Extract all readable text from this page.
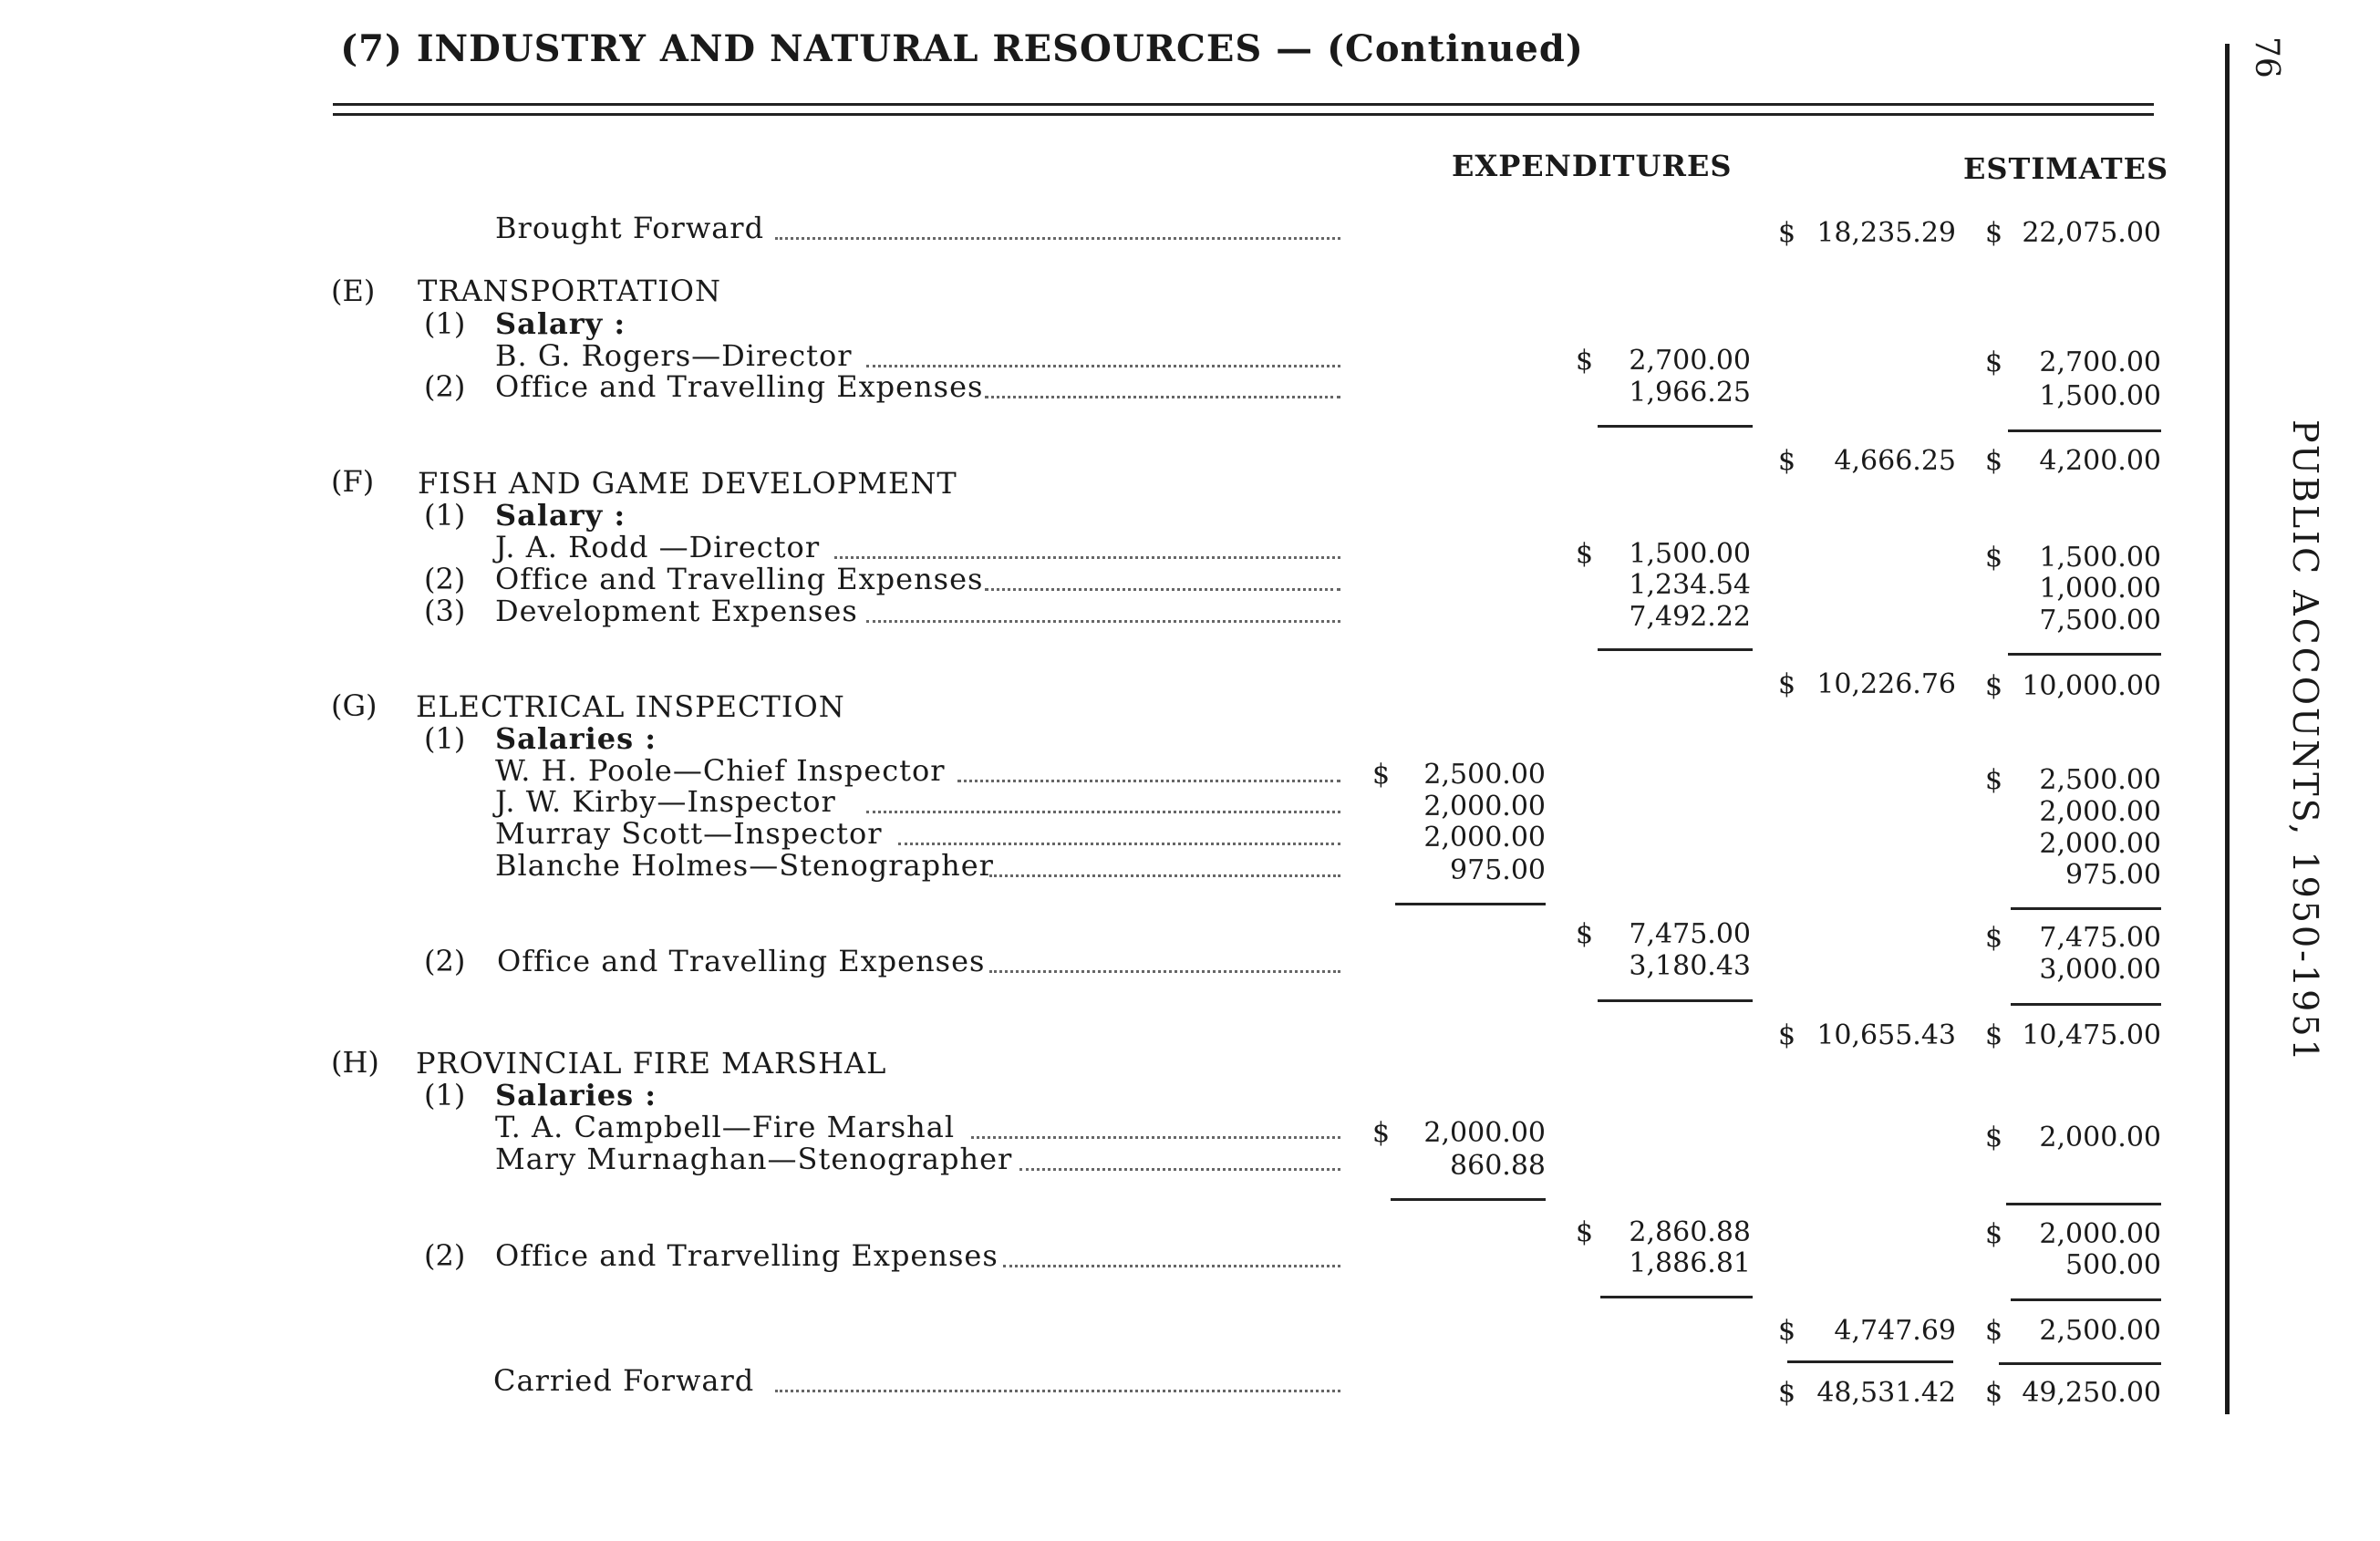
(7) INDUSTRY AND NATURAL RESOURCES — (Continued)
EXPENDITURES	ESTIMATES
76
PUBLIC ACCOUNTS, 1950-1951
Brought Forward	$ 18,235.29 $ 22,075.00
(E) TRANSPORTATION
(1) Salary :
B. G. Rogers—Director	$	2,700.00	$	2,700.00
(2) Office and Travelling Expenses	1,966.25	1,500.00
$	4,666.25 $	4,200.00
(F) FISH AND GAME DEVELOPMENT
(1) Salary :
J. A. Rodd —Director	$	1,500.00	$	1,500.00
(2) Office and Travelling Expenses	1,234.54	1,000.00
(3) Development Expenses	7,492.22	7,500.00
$ 10,226.76 $ 10,000.00
(G) ELECTRICAL INSPECTION
(1) Salaries :
W. H. Poole—Chief Inspector	$	2,500.00	$	2,500.00
J. W. Kirby—Inspector	2,000.00	2,000.00
Murray Scott—Inspector	2,000.00	2,000.00
Blanche Holmes—Stenographer	975.00	975.00
$	7,475.00	$	7,475.00
(2) Office and Travelling Expenses	3,180.43	3,000.00
$ 10,655.43 $ 10,475.00
(H) PROVINCIAL FIRE MARSHAL
(1) Salaries :
T. A. Campbell—Fire Marshal	$	2,000.00	$	2,000.00
Mary Murnaghan—Stenographer	860.88
$	2,860.88	$	2,000.00
(2) Office and Trarvelling Expenses	1,886.81	500.00
$	4,747.69 $	2,500.00
Carried Forward	$ 48,531.42 $ 49,250.00
